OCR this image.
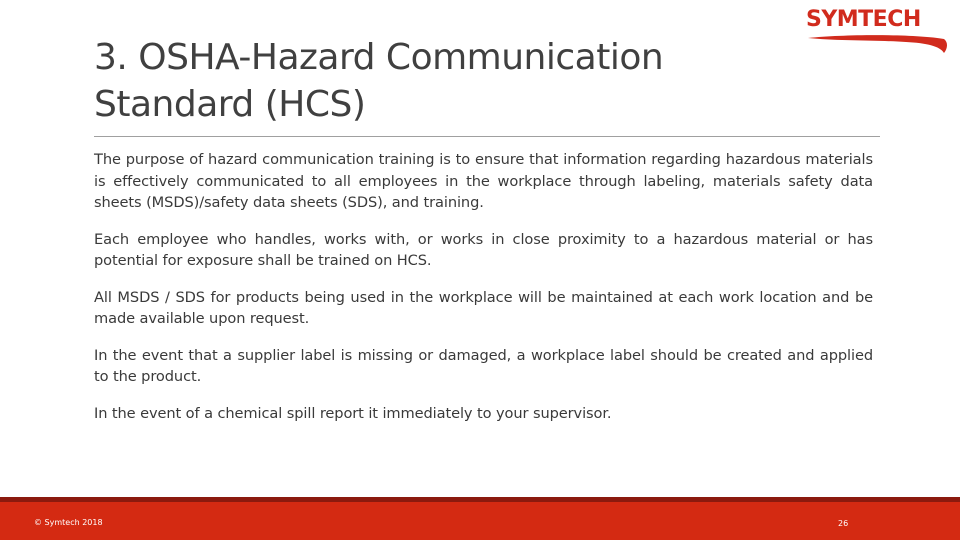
3. OSHA-Hazard Communication
Standard (HCS)
SYMTECH

The purpose of hazard communication training is to ensure that information regarding hazardous materials is effectively communicated to all employees in the workplace through labeling, materials safety data sheets (MSDS)/safety data sheets (SDS), and training.

Each employee who handles, works with, or works in close proximity to a hazardous material or has potential for exposure shall be trained on HCS.

All MSDS / SDS for products being used in the workplace will be maintained at each work location and be made available upon request.

In the event that a supplier label is missing or damaged, a workplace label should be created and applied to the product.

In the event of a chemical spill report it immediately to your supervisor.

© Symtech 2018	26
